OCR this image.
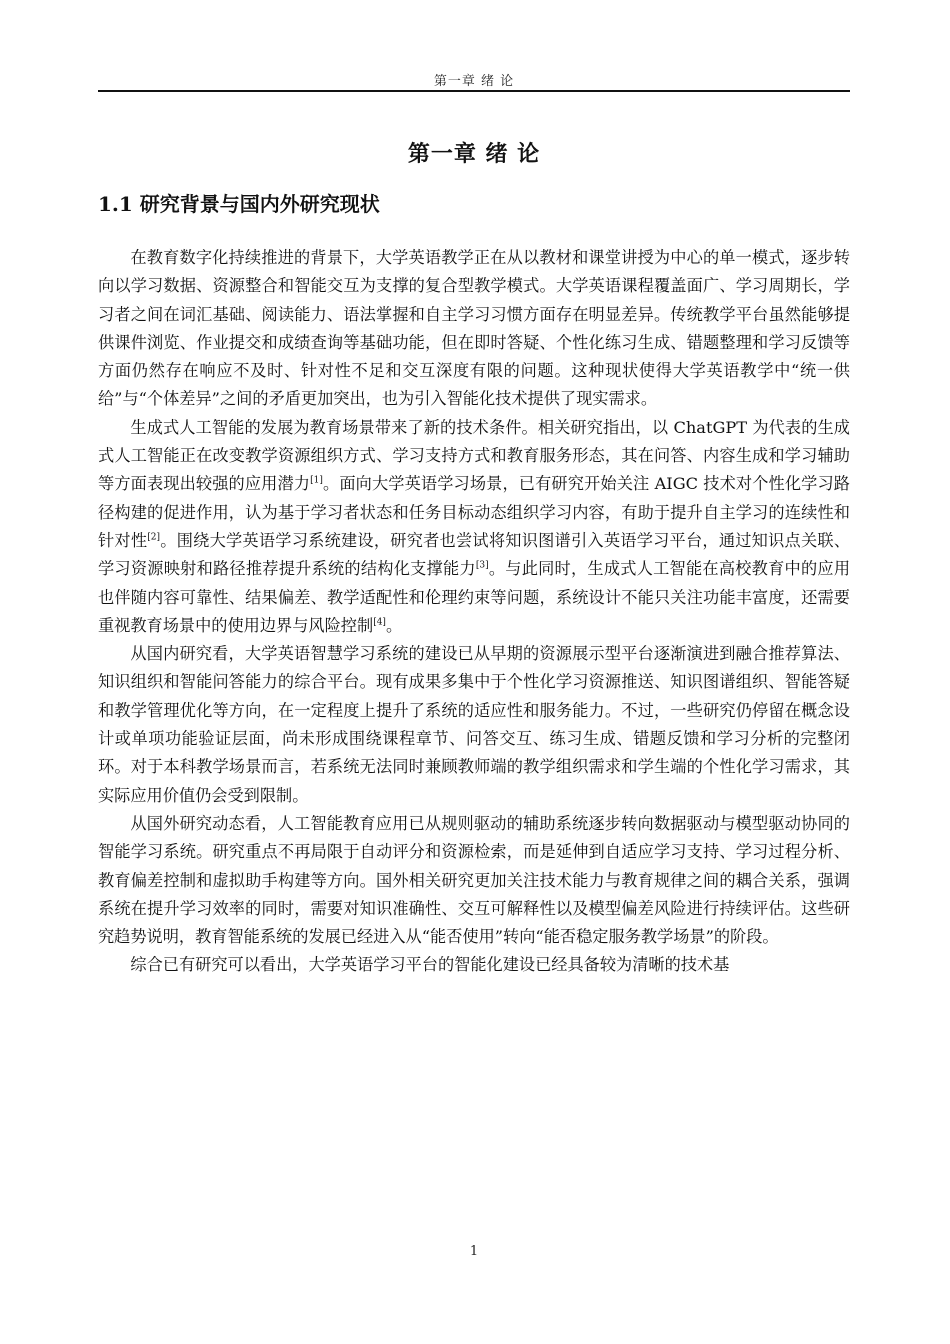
第一章 绪 论
第一章 绪 论
1.1 研究背景与国内外研究现状

在教育数字化持续推进的背景下，大学英语教学正在从以教材和课堂讲授为中心的单一模式，逐步转向以学习数据、资源整合和智能交互为支撑的复合型教学模式。大学英语课程覆盖面广、学习周期长，学习者之间在词汇基础、阅读能力、语法掌握和自主学习习惯方面存在明显差异。传统教学平台虽然能够提供课件浏览、作业提交和成绩查询等基础功能，但在即时答疑、个性化练习生成、错题整理和学习反馈等方面仍然存在响应不及时、针对性不足和交互深度有限的问题。这种现状使得大学英语教学中“统一供给”与“个体差异”之间的矛盾更加突出，也为引入智能化技术提供了现实需求。

生成式人工智能的发展为教育场景带来了新的技术条件。相关研究指出，以 ChatGPT 为代表的生成式人工智能正在改变教学资源组织方式、学习支持方式和教育服务形态，其在问答、内容生成和学习辅助等方面表现出较强的应用潜力[1]。面向大学英语学习场景，已有研究开始关注 AIGC 技术对个性化学习路径构建的促进作用，认为基于学习者状态和任务目标动态组织学习内容，有助于提升自主学习的连续性和针对性[2]。围绕大学英语学习系统建设，研究者也尝试将知识图谱引入英语学习平台，通过知识点关联、学习资源映射和路径推荐提升系统的结构化支撑能力[3]。与此同时，生成式人工智能在高校教育中的应用也伴随内容可靠性、结果偏差、教学适配性和伦理约束等问题，系统设计不能只关注功能丰富度，还需要重视教育场景中的使用边界与风险控制[4]。

从国内研究看，大学英语智慧学习系统的建设已从早期的资源展示型平台逐渐演进到融合推荐算法、知识组织和智能问答能力的综合平台。现有成果多集中于个性化学习资源推送、知识图谱组织、智能答疑和教学管理优化等方向，在一定程度上提升了系统的适应性和服务能力。不过，一些研究仍停留在概念设计或单项功能验证层面，尚未形成围绕课程章节、问答交互、练习生成、错题反馈和学习分析的完整闭环。对于本科教学场景而言，若系统无法同时兼顾教师端的教学组织需求和学生端的个性化学习需求，其实际应用价值仍会受到限制。

从国外研究动态看，人工智能教育应用已从规则驱动的辅助系统逐步转向数据驱动与模型驱动协同的智能学习系统。研究重点不再局限于自动评分和资源检索，而是延伸到自适应学习支持、学习过程分析、教育偏差控制和虚拟助手构建等方向。国外相关研究更加关注技术能力与教育规律之间的耦合关系，强调系统在提升学习效率的同时，需要对知识准确性、交互可解释性以及模型偏差风险进行持续评估。这些研究趋势说明，教育智能系统的发展已经进入从“能否使用”转向“能否稳定服务教学场景”的阶段。

综合已有研究可以看出，大学英语学习平台的智能化建设已经具备较为清晰的技术基

1
